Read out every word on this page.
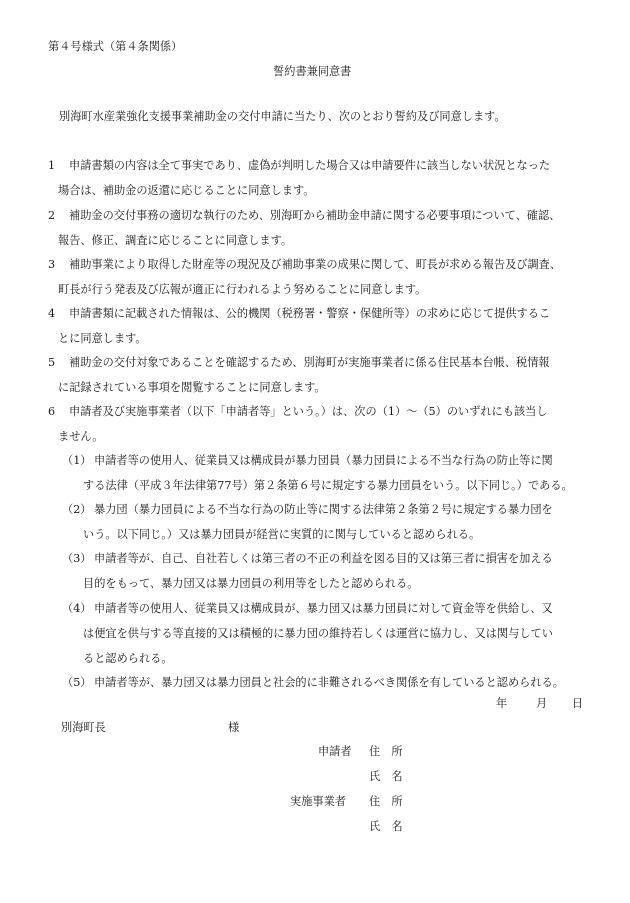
第４号様式（第４条関係）
誓約書兼同意書
別海町水産業強化支援事業補助金の交付申請に当たり、次のとおり誓約及び同意します。
1	申請書類の内容は全て事実であり、虚偽が判明した場合又は申請要件に該当しない状況となった
場合は、補助金の返還に応じることに同意します。
2	補助金の交付事務の適切な執行のため、別海町から補助金申請に関する必要事項について、確認、
報告、修正、調査に応じることに同意します。
3	補助事業により取得した財産等の現況及び補助事業の成果に関して、町長が求める報告及び調査、
町長が行う発表及び広報が適正に行われるよう努めることに同意します。
4	申請書類に記載された情報は、公的機関（税務署・警察・保健所等）の求めに応じて提供するこ
とに同意します。
5	補助金の交付対象であることを確認するため、別海町が実施事業者に係る住民基本台帳、税情報
に記録されている事項を閲覧することに同意します。
6	申請者及び実施事業者（以下「申請者等」という。）は、次の（1）～（5）のいずれにも該当し
ません。
（1） 申請者等の使用人、従業員又は構成員が暴力団員（暴力団員による不当な行為の防止等に関
する法律（平成３年法律第77号）第２条第６号に規定する暴力団員をいう。以下同じ。）である。
（2） 暴力団（暴力団員による不当な行為の防止等に関する法律第２条第２号に規定する暴力団を
いう。以下同じ。）又は暴力団員が経営に実質的に関与していると認められる。
（3） 申請者等が、自己、自社若しくは第三者の不正の利益を図る目的又は第三者に損害を加える
目的をもって、暴力団又は暴力団員の利用等をしたと認められる。
（4） 申請者等の使用人、従業員又は構成員が、暴力団又は暴力団員に対して資金等を供給し、又
は便宜を供与する等直接的又は積極的に暴力団の維持若しくは運営に協力し、又は関与してい
ると認められる。
（5） 申請者等が、暴力団又は暴力団員と社会的に非難されるべき関係を有していると認められる。
年	月 日
別海町長	様
申請者 住　所
氏　名
実施事業者 住　所
氏　名
